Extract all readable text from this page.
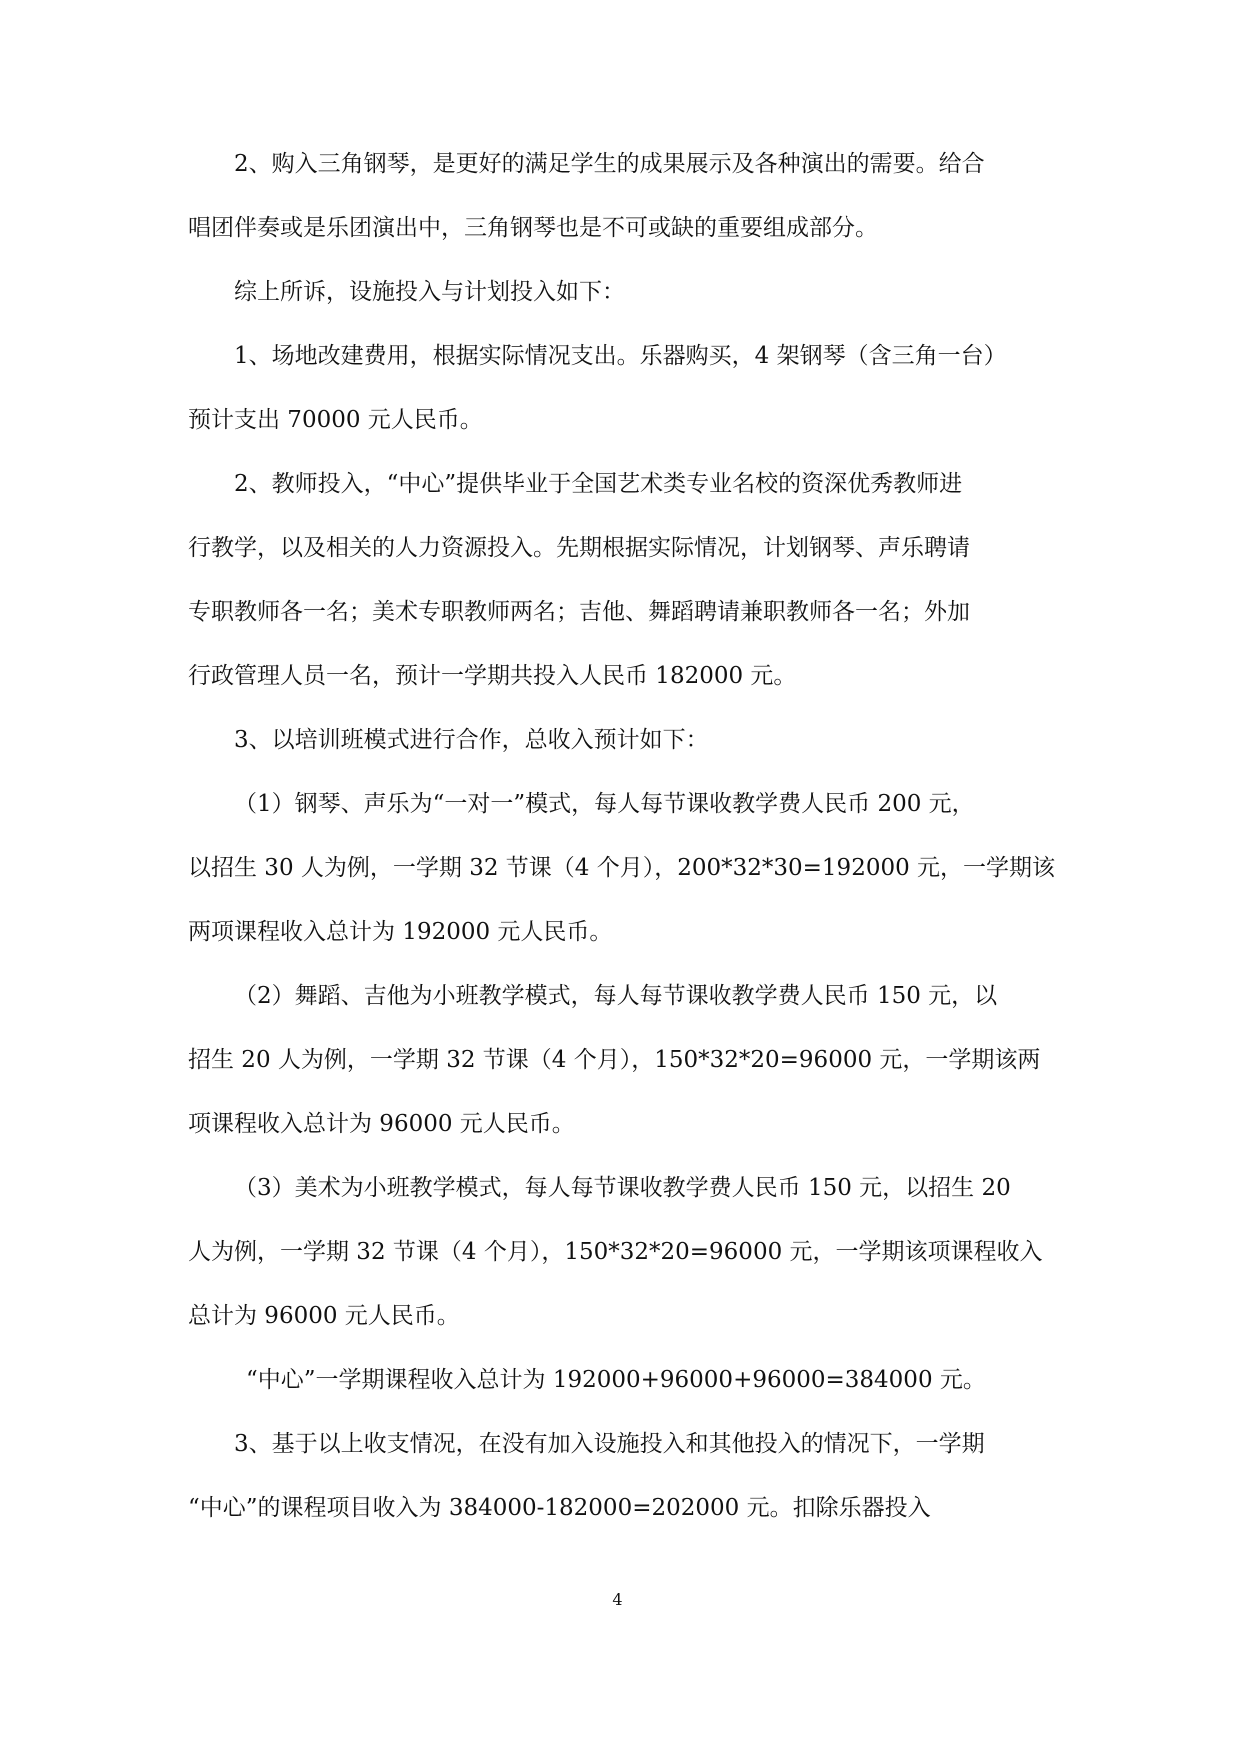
2、购入三角钢琴，是更好的满足学生的成果展示及各种演出的需要。给合
唱团伴奏或是乐团演出中，三角钢琴也是不可或缺的重要组成部分。
综上所诉，设施投入与计划投入如下：
1、场地改建费用，根据实际情况支出。乐器购买，4 架钢琴（含三角一台）
预计支出 70000 元人民币。
2、教师投入，“中心”提供毕业于全国艺术类专业名校的资深优秀教师进
行教学，以及相关的人力资源投入。先期根据实际情况，计划钢琴、声乐聘请
专职教师各一名；美术专职教师两名；吉他、舞蹈聘请兼职教师各一名；外加
行政管理人员一名，预计一学期共投入人民币 182000 元。
3、以培训班模式进行合作，总收入预计如下：
（1）钢琴、声乐为“一对一”模式，每人每节课收教学费人民币 200 元，
以招生 30 人为例，一学期 32 节课（4 个月），200*32*30=192000 元，一学期该
两项课程收入总计为 192000 元人民币。
（2）舞蹈、吉他为小班教学模式，每人每节课收教学费人民币 150 元，以
招生 20 人为例，一学期 32 节课（4 个月），150*32*20=96000 元，一学期该两
项课程收入总计为 96000 元人民币。
（3）美术为小班教学模式，每人每节课收教学费人民币 150 元，以招生 20
人为例，一学期 32 节课（4 个月），150*32*20=96000 元，一学期该项课程收入
总计为 96000 元人民币。
“中心”一学期课程收入总计为 192000+96000+96000=384000 元。
3、基于以上收支情况，在没有加入设施投入和其他投入的情况下，一学期
“中心”的课程项目收入为 384000-182000=202000 元。扣除乐器投入
4
